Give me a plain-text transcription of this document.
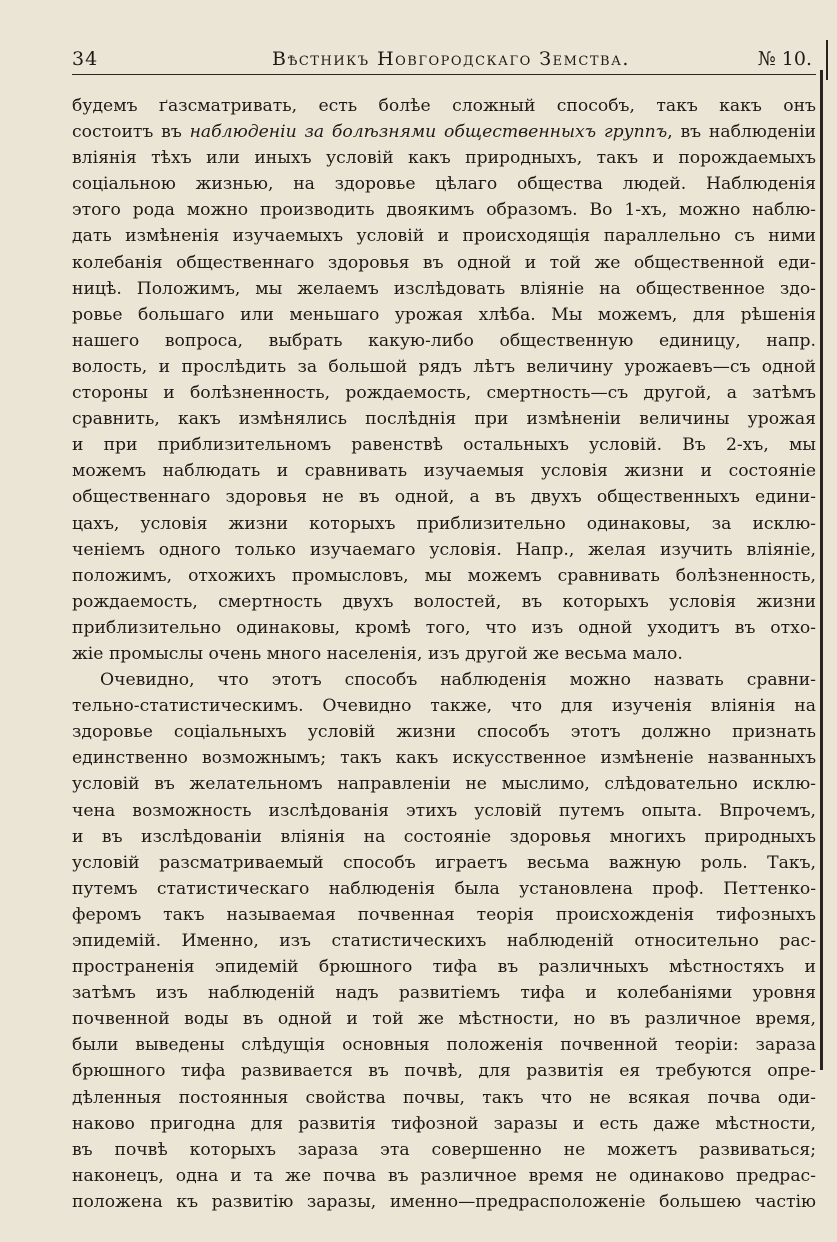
34	Вѣстникъ Новгородскаго Земства.	№ 10.
будемъ ґазсматривать, есть болѣе сложный способъ, такъ какъ онъ
состоитъ въ наблюденіи за болѣзнями общественныхъ группъ, въ наблюденіи
вліянія тѣхъ или иныхъ условій какъ природныхъ, такъ и порождаемыхъ
соціальною жизнью, на здоровье цѣлаго общества людей. Наблюденія
этого рода можно производить двоякимъ образомъ. Во 1-хъ, можно наблю-
дать измѣненія изучаемыхъ условій и происходящія параллельно съ ними
колебанія общественнаго здоровья въ одной и той же общественной еди-
ницѣ. Положимъ, мы желаемъ изслѣдовать вліяніе на общественное здо-
ровье большаго или меньшаго урожая хлѣба. Мы можемъ, для рѣшенія
нашего вопроса, выбрать какую-либо общественную единицу, напр.
волость, и прослѣдить за большой рядъ лѣтъ величину урожаевъ—съ одной
стороны и болѣзненность, рождаемость, смертность—съ другой, а затѣмъ
сравнить, какъ измѣнялись послѣднія при измѣненіи величины урожая
и при приблизительномъ равенствѣ остальныхъ условій. Въ 2-хъ, мы
можемъ наблюдать и сравнивать изучаемыя условія жизни и состояніе
общественнаго здоровья не въ одной, а въ двухъ общественныхъ едини-
цахъ, условія жизни которыхъ приблизительно одинаковы, за исклю-
ченіемъ одного только изучаемаго условія. Напр., желая изучить вліяніе,
положимъ, отхожихъ промысловъ, мы можемъ сравнивать болѣзненность,
рождаемость, смертность двухъ волостей, въ которыхъ условія жизни
приблизительно одинаковы, кромѣ того, что изъ одной уходитъ въ отхо-
жіе промыслы очень много населенія, изъ другой же весьма мало.
Очевидно, что этотъ способъ наблюденія можно назвать сравни-
тельно-статистическимъ. Очевидно также, что для изученія вліянія на
здоровье соціальныхъ условій жизни способъ этотъ должно признать
единственно возможнымъ; такъ какъ искусственное измѣненіе названныхъ
условій въ желательномъ направленіи не мыслимо, слѣдовательно исклю-
чена возможность изслѣдованія этихъ условій путемъ опыта. Впрочемъ,
и въ изслѣдованіи вліянія на состояніе здоровья многихъ природныхъ
условій разсматриваемый способъ играетъ весьма важную роль. Такъ,
путемъ статистическаго наблюденія была установлена проф. Петтенко-
феромъ такъ называемая почвенная теорія происхожденія тифозныхъ
эпидемій. Именно, изъ статистическихъ наблюденій относительно рас-
пространенія эпидемій брюшного тифа въ различныхъ мѣстностяхъ и
затѣмъ изъ наблюденій надъ развитіемъ тифа и колебаніями уровня
почвенной воды въ одной и той же мѣстности, но въ различное время,
были выведены слѣдущія основныя положенія почвенной теоріи: зараза
брюшного тифа развивается въ почвѣ, для развитія ея требуются опре-
дѣленныя постоянныя свойства почвы, такъ что не всякая почва оди-
наково пригодна для развитія тифозной заразы и есть даже мѣстности,
въ почвѣ которыхъ зараза эта совершенно не можетъ развиваться;
наконецъ, одна и та же почва въ различное время не одинаково предрас-
положена къ развитію заразы, именно—предрасположеніе большею частію
